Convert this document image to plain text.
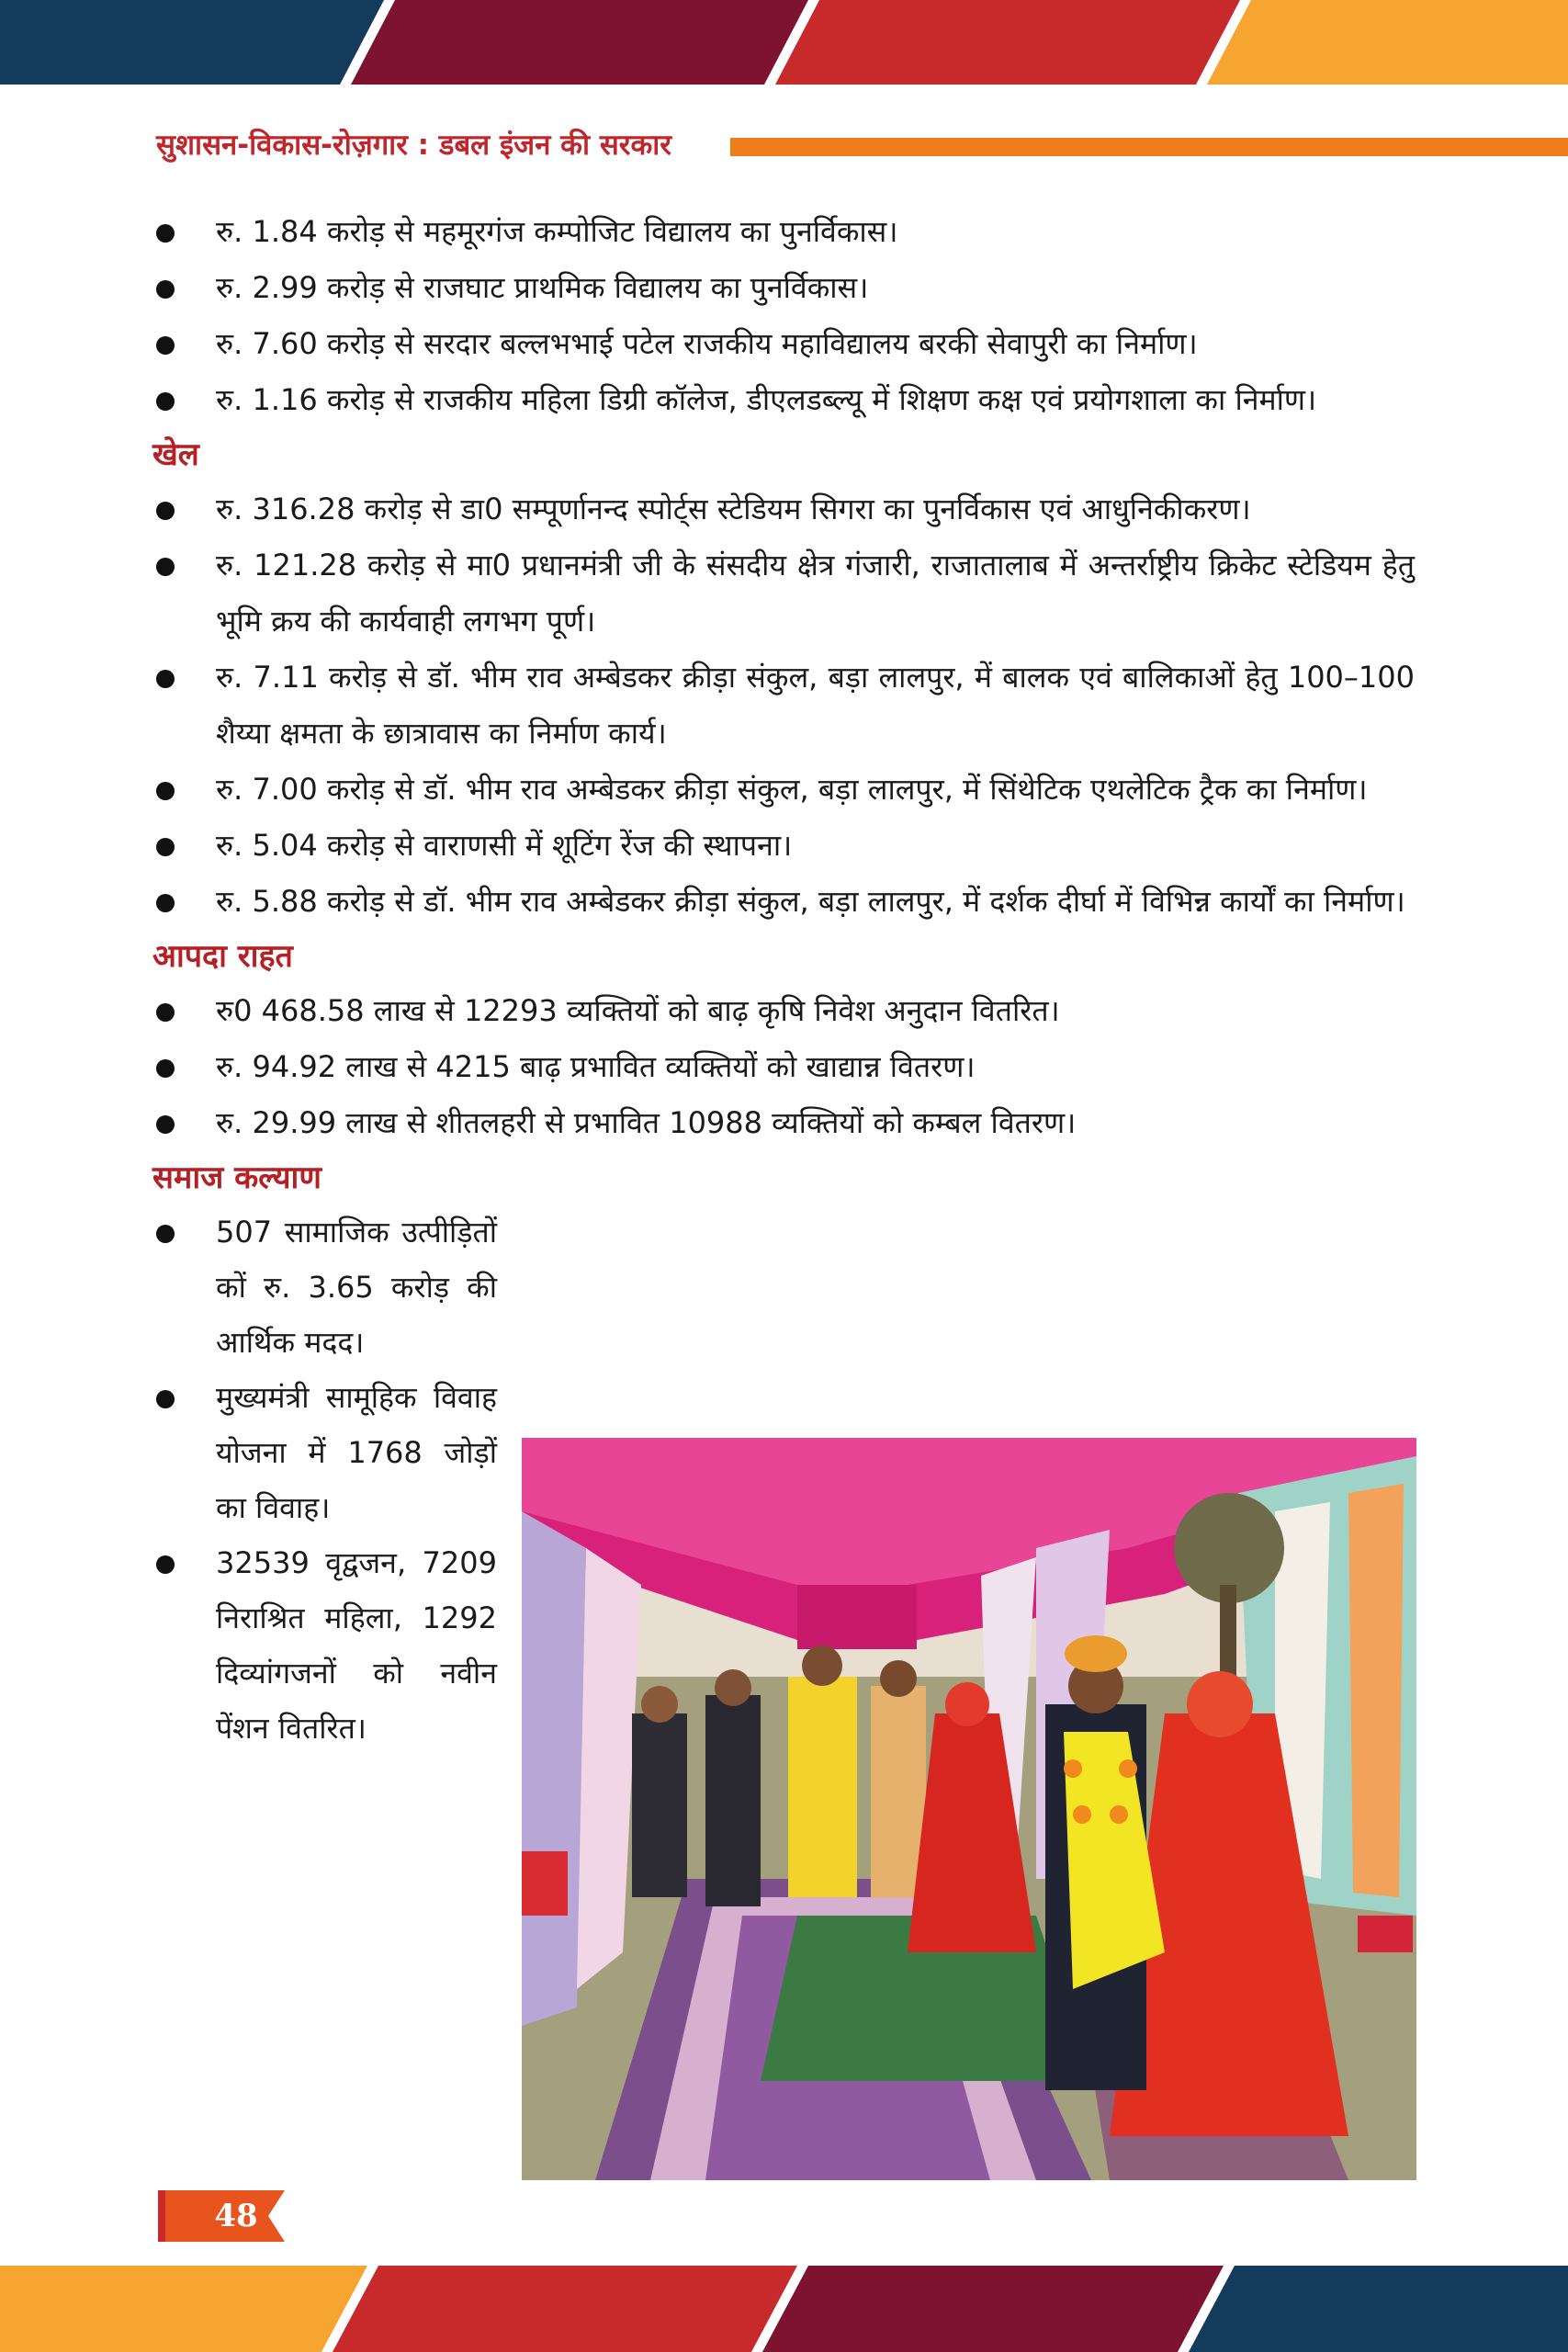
सुशासन-विकास-रोज़गार : डबल इंजन की सरकार
रु. 1.84 करोड़ से महमूरगंज कम्पोजिट विद्यालय का पुनर्विकास।
रु. 2.99 करोड़ से राजघाट प्राथमिक विद्यालय का पुनर्विकास।
रु. 7.60 करोड़ से सरदार बल्लभभाई पटेल राजकीय महाविद्यालय बरकी सेवापुरी का निर्माण।
रु. 1.16 करोड़ से राजकीय महिला डिग्री कॉलेज, डीएलडब्ल्यू में शिक्षण कक्ष एवं प्रयोगशाला का निर्माण।
खेल
रु. 316.28 करोड़ से डा0 सम्पूर्णानन्द स्पोर्ट्स स्टेडियम सिगरा का पुनर्विकास एवं आधुनिकीकरण।
रु. 121.28 करोड़ से मा0 प्रधानमंत्री जी के संसदीय क्षेत्र गंजारी, राजातालाब में अन्तर्राष्ट्रीय क्रिकेट स्टेडियम हेतु भूमि क्रय की कार्यवाही लगभग पूर्ण।
रु. 7.11 करोड़ से डॉ. भीम राव अम्बेडकर क्रीड़ा संकुल, बड़ा लालपुर, में बालक एवं बालिकाओं हेतु 100–100 शैय्या क्षमता के छात्रावास का निर्माण कार्य।
रु. 7.00 करोड़ से डॉ. भीम राव अम्बेडकर क्रीड़ा संकुल, बड़ा लालपुर, में सिंथेटिक एथलेटिक ट्रैक का निर्माण।
रु. 5.04 करोड़ से वाराणसी में शूटिंग रेंज की स्थापना।
रु. 5.88 करोड़ से डॉ. भीम राव अम्बेडकर क्रीड़ा संकुल, बड़ा लालपुर, में दर्शक दीर्घा में विभिन्न कार्यों का निर्माण।
आपदा राहत
रु0 468.58 लाख से 12293 व्यक्तियों को बाढ़ कृषि निवेश अनुदान वितरित।
रु. 94.92 लाख से 4215 बाढ़ प्रभावित व्यक्तियों को खाद्यान्न वितरण।
रु. 29.99 लाख से शीतलहरी से प्रभावित 10988 व्यक्तियों को कम्बल वितरण।
समाज कल्याण
507 सामाजिक उत्पीड़ितों कों रु. 3.65 करोड़ की आर्थिक मदद।
मुख्यमंत्री सामूहिक विवाह योजना में 1768 जोड़ों का विवाह।
32539 वृद्वजन, 7209 निराश्रित महिला, 1292 दिव्यांगजनों को नवीन पेंशन वितरित।
48
